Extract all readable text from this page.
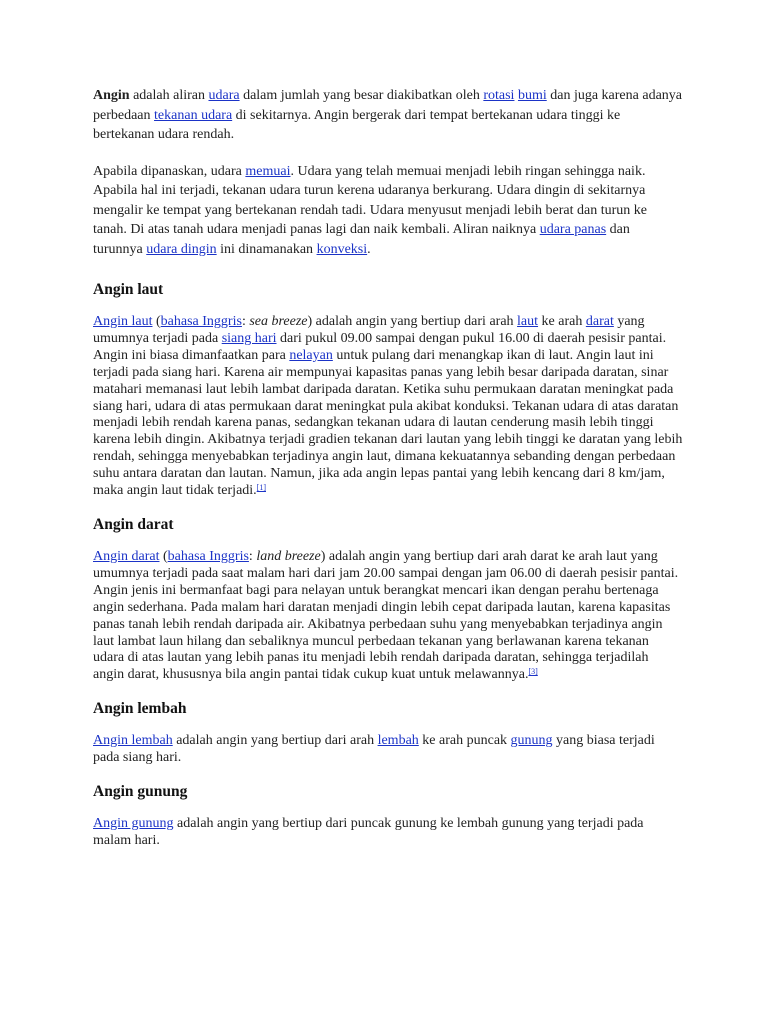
Angin adalah aliran udara dalam jumlah yang besar diakibatkan oleh rotasi bumi dan juga karena adanya perbedaan tekanan udara di sekitarnya. Angin bergerak dari tempat bertekanan udara tinggi ke bertekanan udara rendah.

Apabila dipanaskan, udara memuai. Udara yang telah memuai menjadi lebih ringan sehingga naik. Apabila hal ini terjadi, tekanan udara turun kerena udaranya berkurang. Udara dingin di sekitarnya mengalir ke tempat yang bertekanan rendah tadi. Udara menyusut menjadi lebih berat dan turun ke tanah. Di atas tanah udara menjadi panas lagi dan naik kembali. Aliran naiknya udara panas dan turunnya udara dingin ini dinamanakan konveksi.

Angin laut

Angin laut (bahasa Inggris: sea breeze) adalah angin yang bertiup dari arah laut ke arah darat yang umumnya terjadi pada siang hari dari pukul 09.00 sampai dengan pukul 16.00 di daerah pesisir pantai. Angin ini biasa dimanfaatkan para nelayan untuk pulang dari menangkap ikan di laut. Angin laut ini terjadi pada siang hari. Karena air mempunyai kapasitas panas yang lebih besar daripada daratan, sinar matahari memanasi laut lebih lambat daripada daratan. Ketika suhu permukaan daratan meningkat pada siang hari, udara di atas permukaan darat meningkat pula akibat konduksi. Tekanan udara di atas daratan menjadi lebih rendah karena panas, sedangkan tekanan udara di lautan cenderung masih lebih tinggi karena lebih dingin. Akibatnya terjadi gradien tekanan dari lautan yang lebih tinggi ke daratan yang lebih rendah, sehingga menyebabkan terjadinya angin laut, dimana kekuatannya sebanding dengan perbedaan suhu antara daratan dan lautan. Namun, jika ada angin lepas pantai yang lebih kencang dari 8 km/jam, maka angin laut tidak terjadi.[1]

Angin darat

Angin darat (bahasa Inggris: land breeze) adalah angin yang bertiup dari arah darat ke arah laut yang umumnya terjadi pada saat malam hari dari jam 20.00 sampai dengan jam 06.00 di daerah pesisir pantai. Angin jenis ini bermanfaat bagi para nelayan untuk berangkat mencari ikan dengan perahu bertenaga angin sederhana. Pada malam hari daratan menjadi dingin lebih cepat daripada lautan, karena kapasitas panas tanah lebih rendah daripada air. Akibatnya perbedaan suhu yang menyebabkan terjadinya angin laut lambat laun hilang dan sebaliknya muncul perbedaan tekanan yang berlawanan karena tekanan udara di atas lautan yang lebih panas itu menjadi lebih rendah daripada daratan, sehingga terjadilah angin darat, khususnya bila angin pantai tidak cukup kuat untuk melawannya.[3]

Angin lembah

Angin lembah adalah angin yang bertiup dari arah lembah ke arah puncak gunung yang biasa terjadi pada siang hari.

Angin gunung

Angin gunung adalah angin yang bertiup dari puncak gunung ke lembah gunung yang terjadi pada malam hari.
